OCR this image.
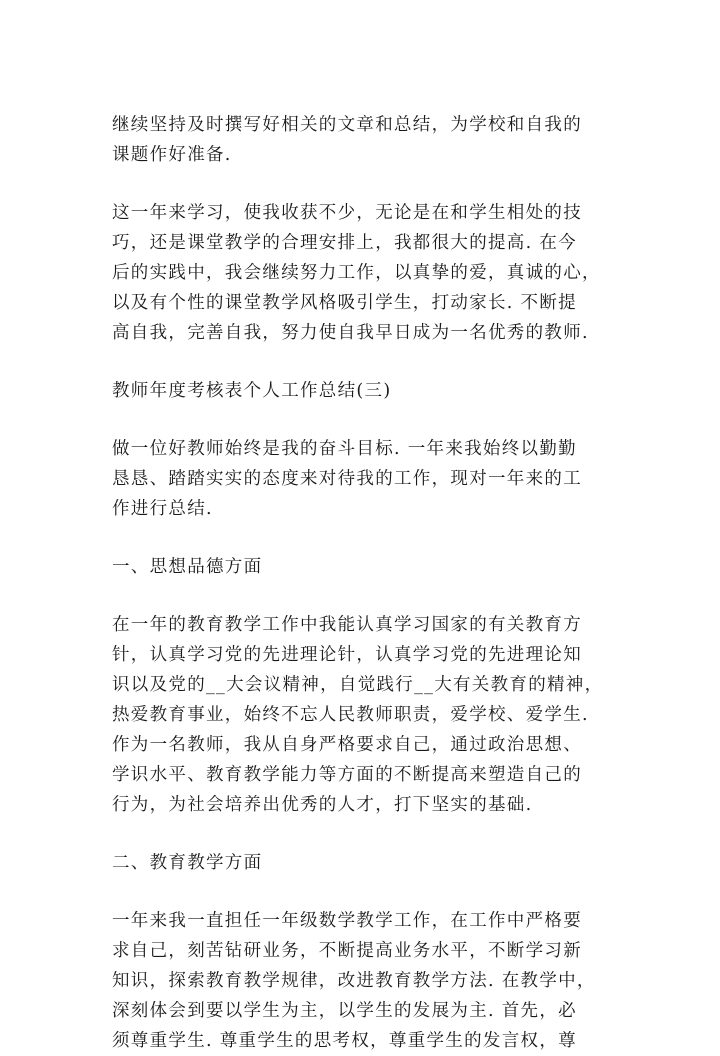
继续坚持及时撰写好相关的文章和总结，为学校和自我的
课题作好准备.

这一年来学习，使我收获不少，无论是在和学生相处的技
巧，还是课堂教学的合理安排上，我都很大的提高. 在今
后的实践中，我会继续努力工作，以真挚的爱，真诚的心，
以及有个性的课堂教学风格吸引学生，打动家长. 不断提
高自我，完善自我，努力使自我早日成为一名优秀的教师.

教师年度考核表个人工作总结(三)

做一位好教师始终是我的奋斗目标. 一年来我始终以勤勤
恳恳、踏踏实实的态度来对待我的工作，现对一年来的工
作进行总结.

一、思想品德方面

在一年的教育教学工作中我能认真学习国家的有关教育方
针，认真学习党的先进理论针，认真学习党的先进理论知
识以及党的__大会议精神，自觉践行__大有关教育的精神，
热爱教育事业，始终不忘人民教师职责，爱学校、爱学生.
作为一名教师，我从自身严格要求自己，通过政治思想、
学识水平、教育教学能力等方面的不断提高来塑造自己的
行为，为社会培养出优秀的人才，打下坚实的基础.

二、教育教学方面

一年来我一直担任一年级数学教学工作，在工作中严格要
求自己，刻苦钻研业务，不断提高业务水平，不断学习新
知识，探索教育教学规律，改进教育教学方法. 在教学中，
深刻体会到要以学生为主，以学生的发展为主. 首先，必
须尊重学生. 尊重学生的思考权，尊重学生的发言权，尊
